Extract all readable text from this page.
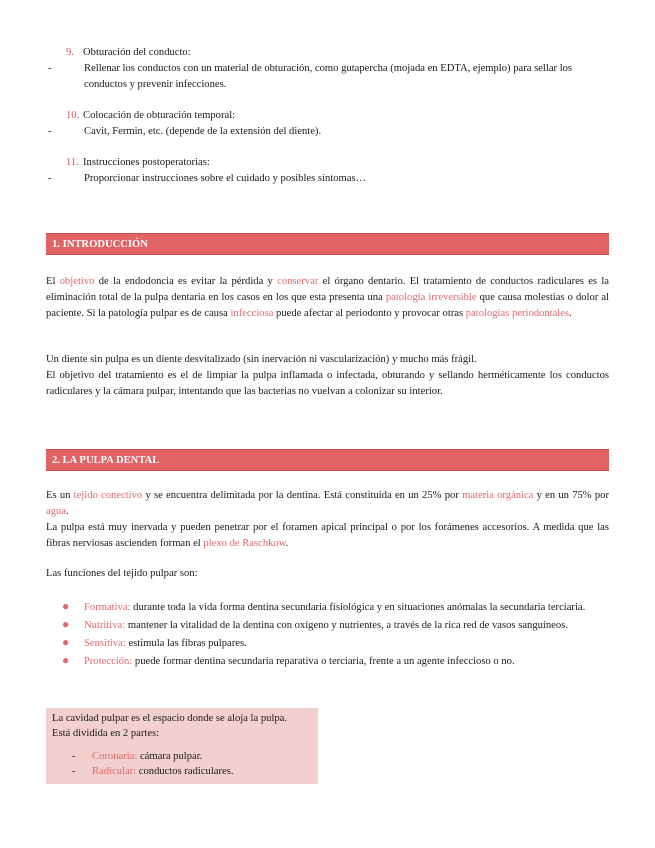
9. Obturación del conducto:
-	Rellenar los conductos con un material de obturación, como gutapercha (mojada en EDTA, ejemplo) para sellar los conductos y prevenir infecciones.
10. Colocación de obturación temporal:
-	Cavit, Fermin, etc. (depende de la extensión del diente).
11. Instrucciones postoperatorias:
-	Proporcionar instrucciones sobre el cuidado y posibles síntomas…
1. INTRODUCCIÓN
El objetivo de la endodoncia es evitar la pérdida y conservar el órgano dentario. El tratamiento de conductos radiculares es la eliminación total de la pulpa dentaria en los casos en los que esta presenta una patología irreversible que causa molestias o dolor al paciente. Si la patología pulpar es de causa infecciosa puede afectar al periodonto y provocar otras patologías periodontales.
Un diente sin pulpa es un diente desvitalizado (sin inervación ni vascularización) y mucho más frágil.
El objetivo del tratamiento es el de limpiar la pulpa inflamada o infectada, obturando y sellando herméticamente los conductos radiculares y la cámara pulpar, intentando que las bacterias no vuelvan a colonizar su interior.
2. LA PULPA DENTAL
Es un tejido conectivo y se encuentra delimitada por la dentina. Está constituida en un 25% por materia orgánica y en un 75% por agua.
La pulpa está muy inervada y pueden penetrar por el foramen apical principal o por los forámenes accesorios. A medida que las fibras nerviosas ascienden forman el plexo de Raschkow.
Las funciones del tejido pulpar son:
● Formativa: durante toda la vida forma dentina secundaria fisiológica y en situaciones anómalas la secundaria terciaria.
● Nutritiva: mantener la vitalidad de la dentina con oxígeno y nutrientes, a través de la rica red de vasos sanguíneos.
● Sensitiva: estimula las fibras pulpares.
● Protección: puede formar dentina secundaria reparativa o terciaria, frente a un agente infeccioso o no.
La cavidad pulpar es el espacio donde se aloja la pulpa.
Está dividida en 2 partes:
- Coronaria: cámara pulpar.
- Radicular: conductos radiculares.
